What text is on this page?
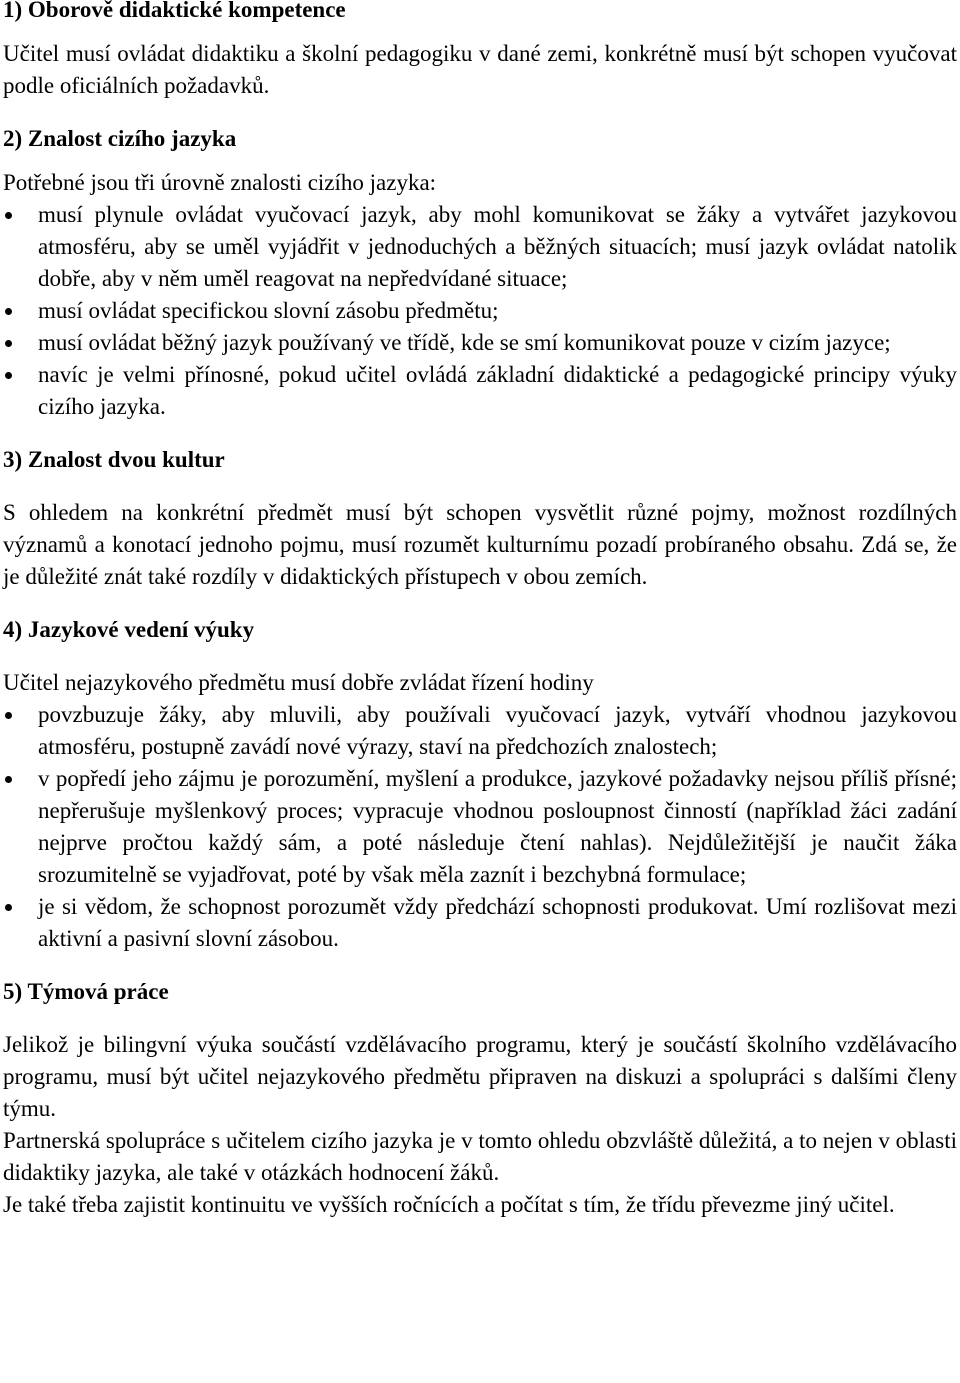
1) Oborově didaktické kompetence

Učitel musí ovládat didaktiku a školní pedagogiku v dané zemi, konkrétně musí být schopen vyučovat podle oficiálních požadavků.

2) Znalost cizího jazyka

Potřebné jsou tři úrovně znalosti cizího jazyka:

musí plynule ovládat vyučovací jazyk, aby mohl komunikovat se žáky a vytvářet jazykovou atmosféru, aby se uměl vyjádřit v jednoduchých a běžných situacích; musí jazyk ovládat natolik dobře, aby v něm uměl reagovat na nepředvídané situace;
musí ovládat specifickou slovní zásobu předmětu;
musí ovládat běžný jazyk používaný ve třídě, kde se smí komunikovat pouze v cizím jazyce;
navíc je velmi přínosné, pokud učitel ovládá základní didaktické a pedagogické principy výuky cizího jazyka.
3) Znalost dvou kultur

S ohledem na konkrétní předmět musí být schopen vysvětlit různé pojmy, možnost rozdílných významů a konotací jednoho pojmu, musí rozumět kulturnímu pozadí probíraného obsahu. Zdá se, že je důležité znát také rozdíly v didaktických přístupech v obou zemích.

4) Jazykové vedení výuky

Učitel nejazykového předmětu musí dobře zvládat řízení hodiny

povzbuzuje žáky, aby mluvili, aby používali vyučovací jazyk, vytváří vhodnou jazykovou atmosféru, postupně zavádí nové výrazy, staví na předchozích znalostech;
v popředí jeho zájmu je porozumění, myšlení a produkce, jazykové požadavky nejsou příliš přísné; nepřerušuje myšlenkový proces; vypracuje vhodnou posloupnost činností (například žáci zadání nejprve pročtou každý sám, a poté následuje čtení nahlas). Nejdůležitější je naučit žáka srozumitelně se vyjadřovat, poté by však měla zaznít i bezchybná formulace;
je si vědom, že schopnost porozumět vždy předchází schopnosti produkovat. Umí rozlišovat mezi aktivní a pasivní slovní zásobou.
5) Týmová práce

Jelikož je bilingvní výuka součástí vzdělávacího programu, který je součástí školního vzdělávacího programu, musí být učitel nejazykového předmětu připraven na diskuzi a spolupráci s dalšími členy týmu.

Partnerská spolupráce s učitelem cizího jazyka je v tomto ohledu obzvláště důležitá, a to nejen v oblasti didaktiky jazyka, ale také v otázkách hodnocení žáků.

Je také třeba zajistit kontinuitu ve vyšších ročnících a počítat s tím, že třídu převezme jiný učitel.
